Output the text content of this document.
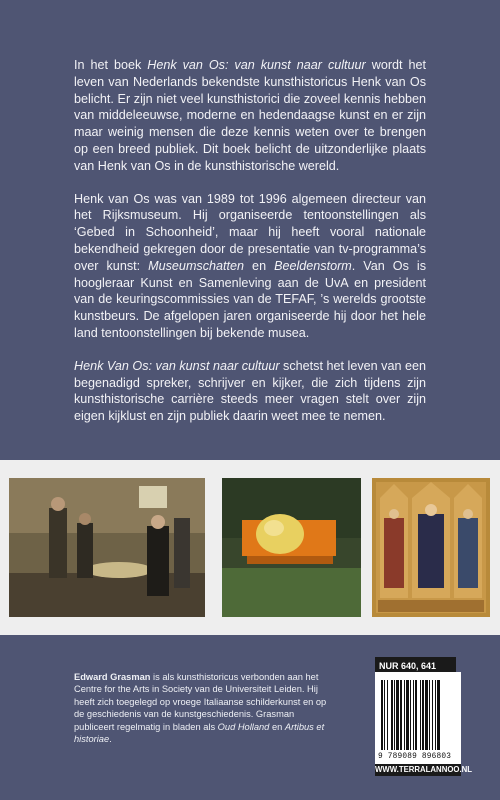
In het boek Henk van Os: van kunst naar cultuur wordt het leven van Nederlands bekendste kunsthistoricus Henk van Os belicht. Er zijn niet veel kunsthistorici die zoveel kennis hebben van middeleeuwse, moderne en hedendaagse kunst en er zijn maar weinig mensen die deze kennis weten over te brengen op een breed publiek. Dit boek belicht de uitzonderlijke plaats van Henk van Os in de kunsthistorische wereld.

Henk van Os was van 1989 tot 1996 algemeen directeur van het Rijksmuseum. Hij organiseerde tentoonstellingen als ‘Gebed in Schoonheid’, maar hij heeft vooral nationale bekendheid gekregen door de presentatie van tv-programma’s over kunst: Museumschatten en Beeldenstorm. Van Os is hoogleraar Kunst en Samenleving aan de UvA en president van de keuringscommissies van de TEFAF, ’s werelds grootste kunstbeurs. De afgelopen jaren organiseerde hij door het hele land tentoonstellingen bij bekende musea.

Henk Van Os: van kunst naar cultuur schetst het leven van een begenadigd spreker, schrijver en kijker, die zich tijdens zijn kunsthistorische carrière steeds meer vragen stelt over zijn eigen kijklust en zijn publiek daarin weet mee te nemen.

Edward Grasman is als kunsthistoricus verbonden aan het Centre for the Arts in Society van de Universiteit Leiden. Hij heeft zich toegelegd op vroege Italiaanse schilderkunst en op de geschiedenis van de kunstgeschiedenis. Grasman publiceert regelmatig in bladen als Oud Holland en Artibus et historiae.
NUR 640, 641
9 789089 896803
WWW.TERRALANNOO.NL
